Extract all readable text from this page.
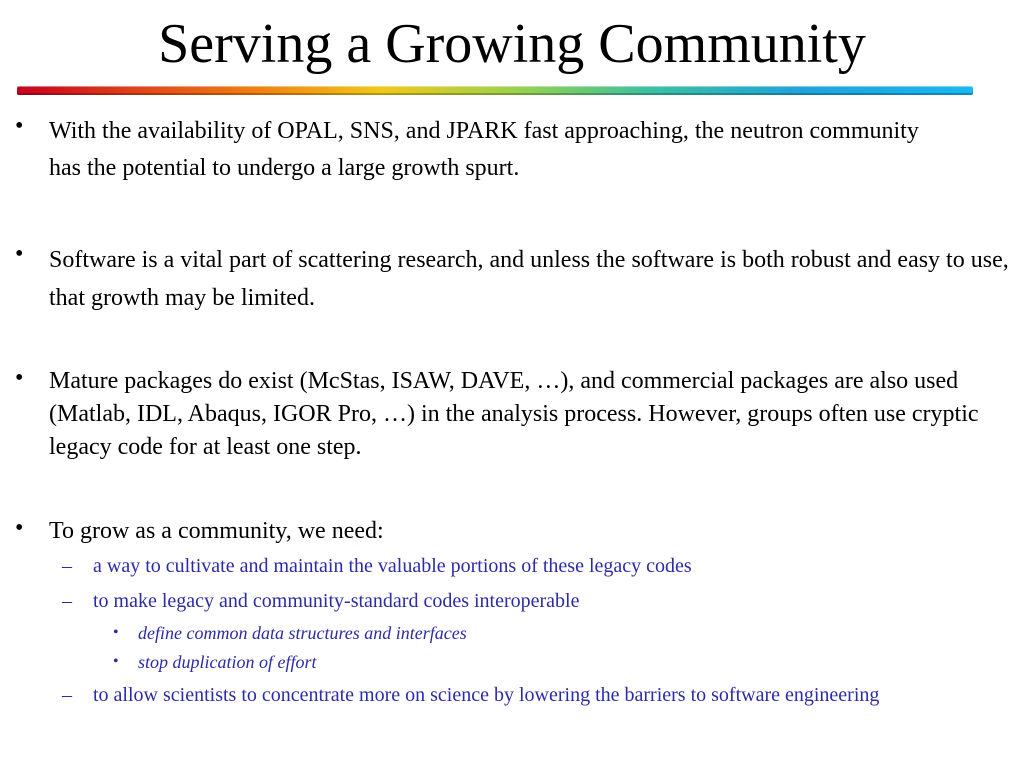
Serving a Growing Community
• With the availability of OPAL, SNS, and JPARK fast approaching, the neutron community has the potential to undergo a large growth spurt.

• Software is a vital part of scattering research, and unless the software is both robust and easy to use, that growth may be limited.

• Mature packages do exist (McStas, ISAW, DAVE, …), and commercial packages are also used (Matlab, IDL, Abaqus, IGOR Pro, …) in the analysis process. However, groups often use cryptic legacy code for at least one step.

• To grow as a community, we need:

– a way to cultivate and maintain the valuable portions of these legacy codes

– to make legacy and community-standard codes interoperable

• define common data structures and interfaces

• stop duplication of effort

– to allow scientists to concentrate more on science by lowering the barriers to software engineering
